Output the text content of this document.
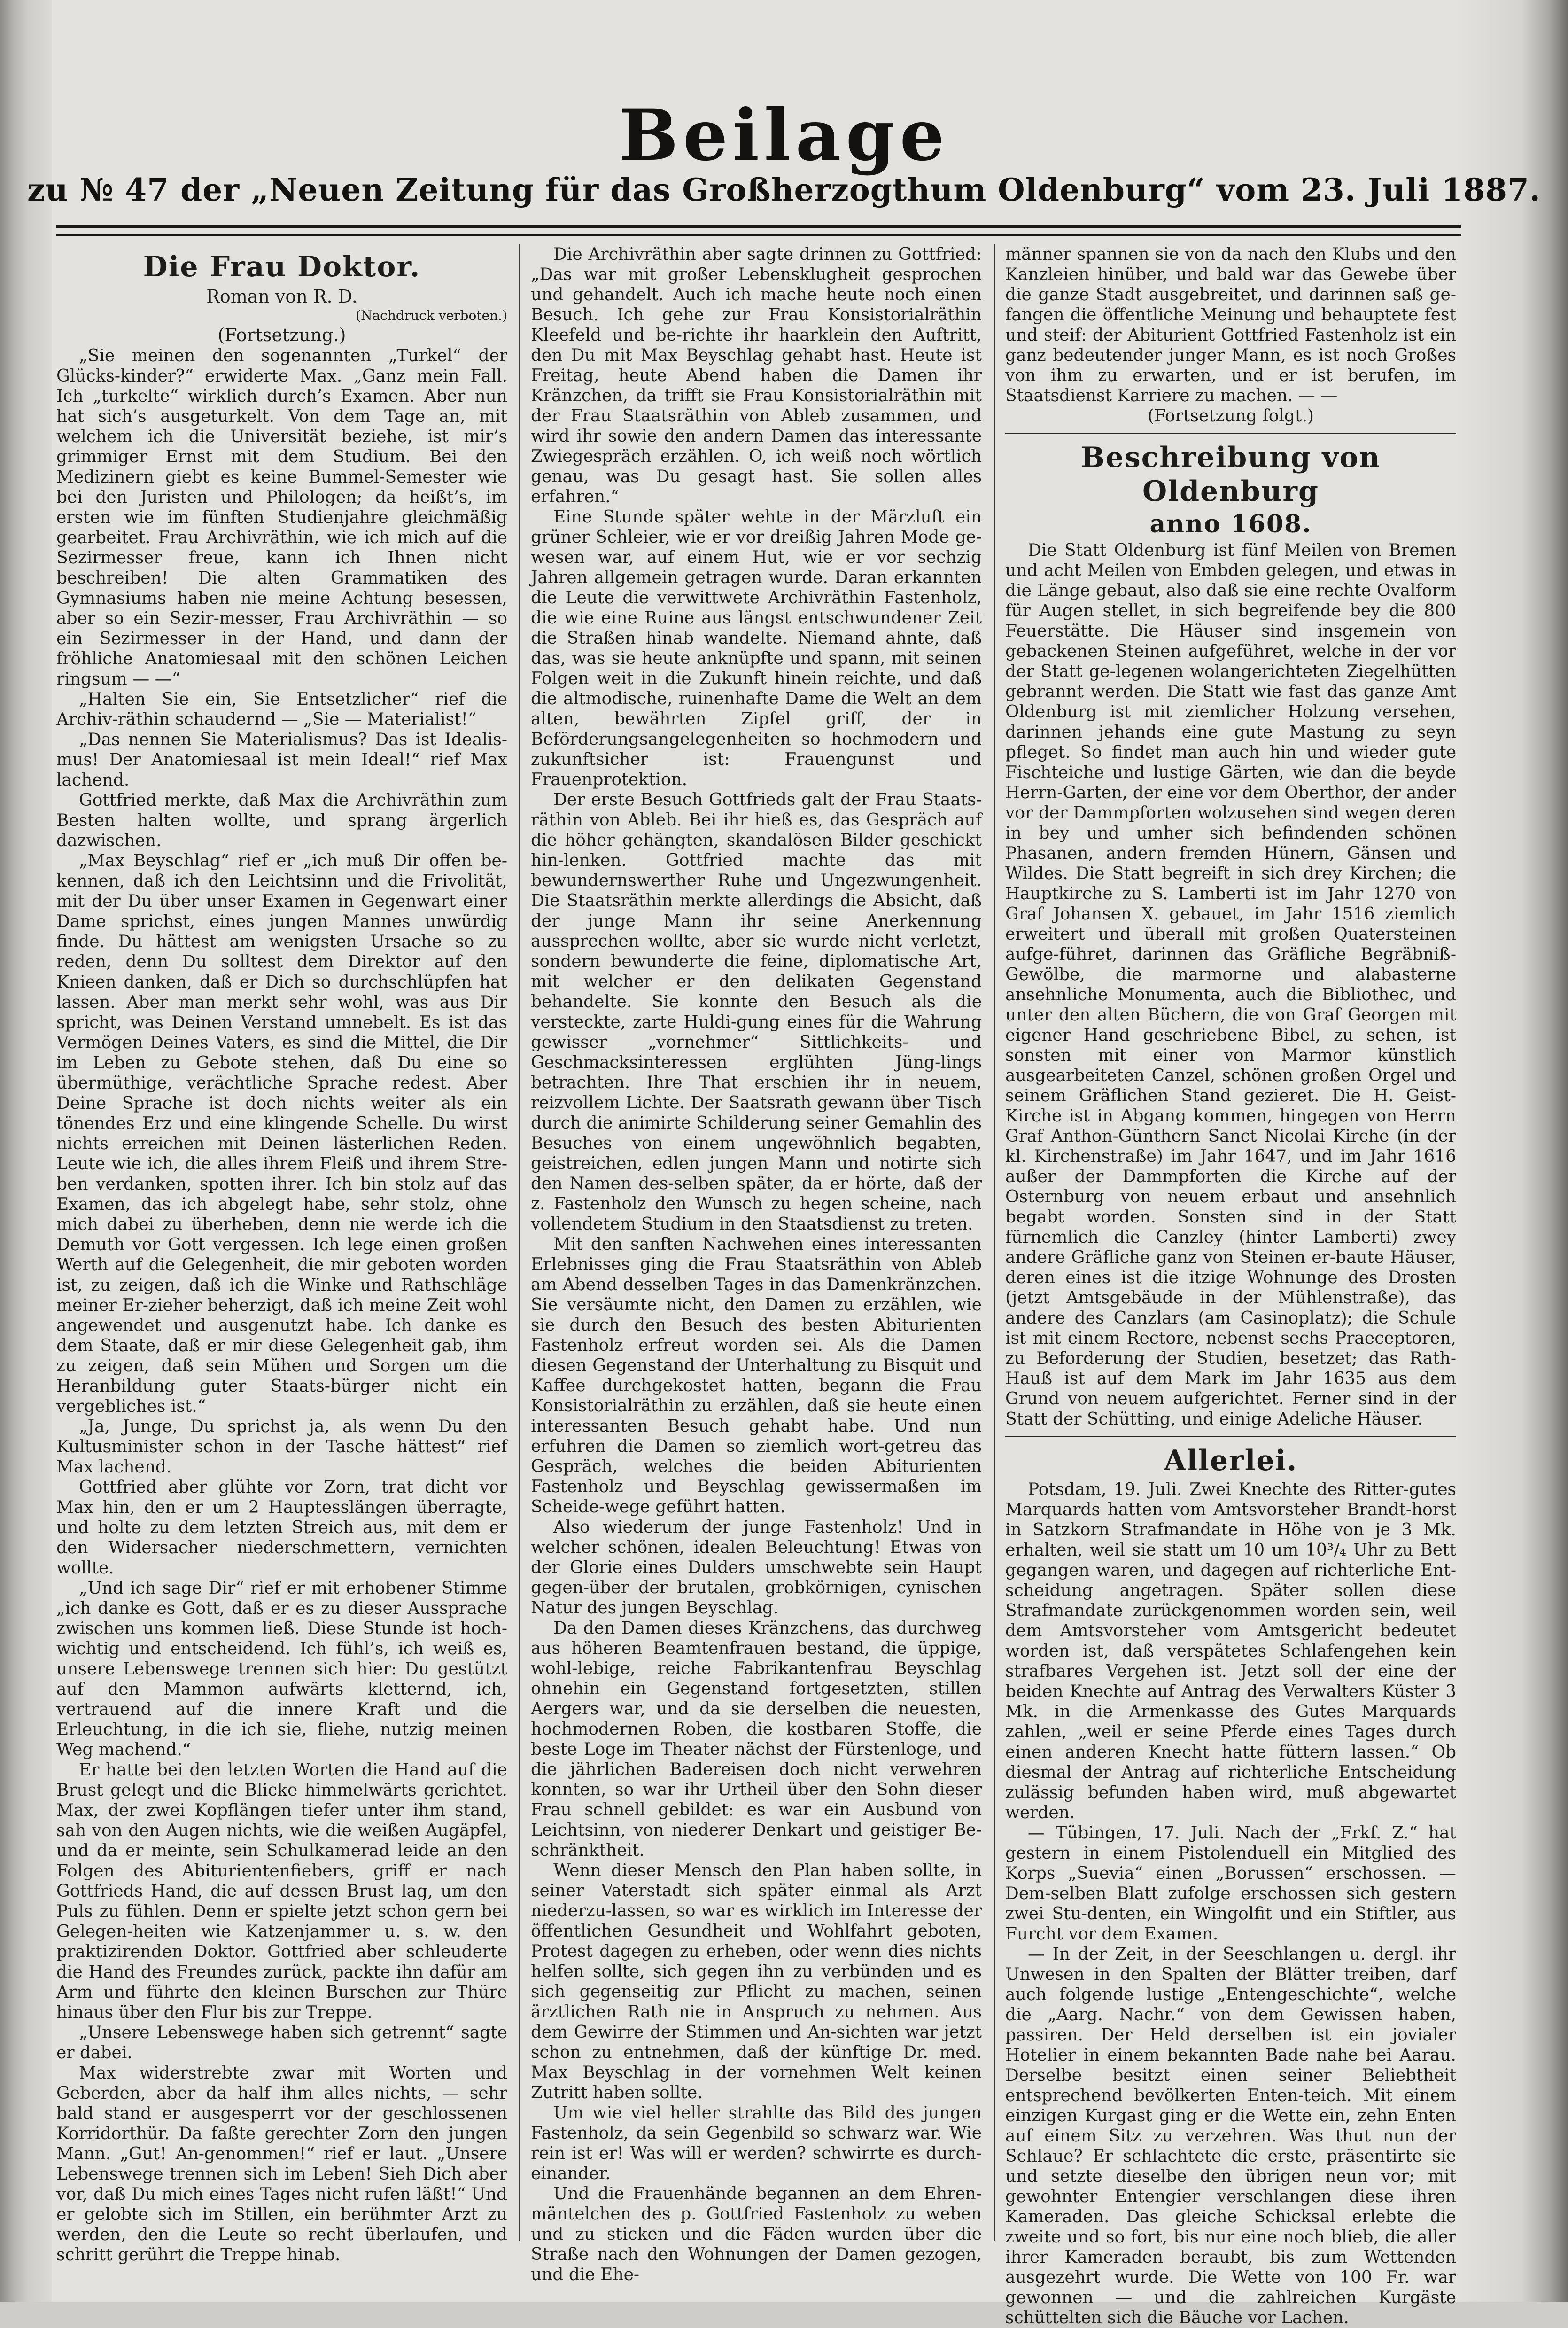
Beilage
zu № 47 der „Neuen Zeitung für das Großherzogthum Oldenburg“ vom 23. Juli 1887.
Die Frau Doktor.
Roman von R. D.
(Nachdruck verboten.)
(Fortsetzung.)

„Sie meinen den sogenannten „Turkel“ der Glücks-kinder?“ erwiderte Max. „Ganz mein Fall. Ich „turkelte“ wirklich durch’s Examen. Aber nun hat sich’s ausgeturkelt. Von dem Tage an, mit welchem ich die Universität beziehe, ist mir’s grimmiger Ernst mit dem Studium. Bei den Medizinern giebt es keine Bummel-Semester wie bei den Juristen und Philologen; da heißt’s, im ersten wie im fünften Studienjahre gleichmäßig gearbeitet. Frau Archivräthin, wie ich mich auf die Sezirmesser freue, kann ich Ihnen nicht beschreiben! Die alten Grammatiken des Gymnasiums haben nie meine Achtung besessen, aber so ein Sezir-messer, Frau Archivräthin — so ein Sezirmesser in der Hand, und dann der fröhliche Anatomiesaal mit den schönen Leichen ringsum — —“

„Halten Sie ein, Sie Entsetzlicher“ rief die Archiv-räthin schaudernd — „Sie — Materialist!“

„Das nennen Sie Materialismus? Das ist Idealis-mus! Der Anatomiesaal ist mein Ideal!“ rief Max lachend.

Gottfried merkte, daß Max die Archivräthin zum Besten halten wollte, und sprang ärgerlich dazwischen.

„Max Beyschlag“ rief er „ich muß Dir offen be-kennen, daß ich den Leichtsinn und die Frivolität, mit der Du über unser Examen in Gegenwart einer Dame sprichst, eines jungen Mannes unwürdig finde. Du hättest am wenigsten Ursache so zu reden, denn Du solltest dem Direktor auf den Knieen danken, daß er Dich so durchschlüpfen hat lassen. Aber man merkt sehr wohl, was aus Dir spricht, was Deinen Verstand umnebelt. Es ist das Vermögen Deines Vaters, es sind die Mittel, die Dir im Leben zu Gebote stehen, daß Du eine so übermüthige, verächtliche Sprache redest. Aber Deine Sprache ist doch nichts weiter als ein tönendes Erz und eine klingende Schelle. Du wirst nichts erreichen mit Deinen lästerlichen Reden. Leute wie ich, die alles ihrem Fleiß und ihrem Stre-ben verdanken, spotten ihrer. Ich bin stolz auf das Examen, das ich abgelegt habe, sehr stolz, ohne mich dabei zu überheben, denn nie werde ich die Demuth vor Gott vergessen. Ich lege einen großen Werth auf die Gelegenheit, die mir geboten worden ist, zu zeigen, daß ich die Winke und Rathschläge meiner Er-zieher beherzigt, daß ich meine Zeit wohl angewendet und ausgenutzt habe. Ich danke es dem Staate, daß er mir diese Gelegenheit gab, ihm zu zeigen, daß sein Mühen und Sorgen um die Heranbildung guter Staats-bürger nicht ein vergebliches ist.“

„Ja, Junge, Du sprichst ja, als wenn Du den Kultusminister schon in der Tasche hättest“ rief Max lachend.

Gottfried aber glühte vor Zorn, trat dicht vor Max hin, den er um 2 Hauptesslängen überragte, und holte zu dem letzten Streich aus, mit dem er den Widersacher niederschmettern, vernichten wollte.

„Und ich sage Dir“ rief er mit erhobener Stimme „ich danke es Gott, daß er es zu dieser Aussprache zwischen uns kommen ließ. Diese Stunde ist hoch-wichtig und entscheidend. Ich fühl’s, ich weiß es, unsere Lebenswege trennen sich hier: Du gestützt auf den Mammon aufwärts kletternd, ich, vertrauend auf die innere Kraft und die Erleuchtung, in die ich sie, fliehe, nutzig meinen Weg machend.“

Er hatte bei den letzten Worten die Hand auf die Brust gelegt und die Blicke himmelwärts gerichtet. Max, der zwei Kopflängen tiefer unter ihm stand, sah von den Augen nichts, wie die weißen Augäpfel, und da er meinte, sein Schulkamerad leide an den Folgen des Abiturientenfiebers, griff er nach Gottfrieds Hand, die auf dessen Brust lag, um den Puls zu fühlen. Denn er spielte jetzt schon gern bei Gelegen-heiten wie Katzenjammer u. s. w. den praktizirenden Doktor. Gottfried aber schleuderte die Hand des Freundes zurück, packte ihn dafür am Arm und führte den kleinen Burschen zur Thüre hinaus über den Flur bis zur Treppe.

„Unsere Lebenswege haben sich getrennt“ sagte er dabei.

Max widerstrebte zwar mit Worten und Geberden, aber da half ihm alles nichts, — sehr bald stand er ausgesperrt vor der geschlossenen Korridorthür. Da faßte gerechter Zorn den jungen Mann. „Gut! An-genommen!“ rief er laut. „Unsere Lebenswege trennen sich im Leben! Sieh Dich aber vor, daß Du mich eines Tages nicht rufen läßt!“ Und er gelobte sich im Stillen, ein berühmter Arzt zu werden, den die Leute so recht überlaufen, und schritt gerührt die Treppe hinab.

Die Archivräthin aber sagte drinnen zu Gottfried: „Das war mit großer Lebensklugheit gesprochen und gehandelt. Auch ich mache heute noch einen Besuch. Ich gehe zur Frau Konsistorialräthin Kleefeld und be-richte ihr haarklein den Auftritt, den Du mit Max Beyschlag gehabt hast. Heute ist Freitag, heute Abend haben die Damen ihr Kränzchen, da trifft sie Frau Konsistorialräthin mit der Frau Staatsräthin von Ableb zusammen, und wird ihr sowie den andern Damen das interessante Zwiegespräch erzählen. O, ich weiß noch wörtlich genau, was Du gesagt hast. Sie sollen alles erfahren.“

Eine Stunde später wehte in der Märzluft ein grüner Schleier, wie er vor dreißig Jahren Mode ge-wesen war, auf einem Hut, wie er vor sechzig Jahren allgemein getragen wurde. Daran erkannten die Leute die verwittwete Archivräthin Fastenholz, die wie eine Ruine aus längst entschwundener Zeit die Straßen hinab wandelte. Niemand ahnte, daß das, was sie heute anknüpfte und spann, mit seinen Folgen weit in die Zukunft hinein reichte, und daß die altmodische, ruinenhafte Dame die Welt an dem alten, bewährten Zipfel griff, der in Beförderungsangelegenheiten so hochmodern und zukunftsicher ist: Frauengunst und Frauenprotektion.

Der erste Besuch Gottfrieds galt der Frau Staats-räthin von Ableb. Bei ihr hieß es, das Gespräch auf die höher gehängten, skandalösen Bilder geschickt hin-lenken. Gottfried machte das mit bewundernswerther Ruhe und Ungezwungenheit. Die Staatsräthin merkte allerdings die Absicht, daß der junge Mann ihr seine Anerkennung aussprechen wollte, aber sie wurde nicht verletzt, sondern bewunderte die feine, diplomatische Art, mit welcher er den delikaten Gegenstand behandelte. Sie konnte den Besuch als die versteckte, zarte Huldi-gung eines für die Wahrung gewisser „vornehmer“ Sittlichkeits- und Geschmacksinteressen erglühten Jüng-lings betrachten. Ihre That erschien ihr in neuem, reizvollem Lichte. Der Saatsrath gewann über Tisch durch die animirte Schilderung seiner Gemahlin des Besuches von einem ungewöhnlich begabten, geistreichen, edlen jungen Mann und notirte sich den Namen des-selben später, da er hörte, daß der z. Fastenholz den Wunsch zu hegen scheine, nach vollendetem Studium in den Staatsdienst zu treten.

Mit den sanften Nachwehen eines interessanten Erlebnisses ging die Frau Staatsräthin von Ableb am Abend desselben Tages in das Damenkränzchen. Sie versäumte nicht, den Damen zu erzählen, wie sie durch den Besuch des besten Abiturienten Fastenholz erfreut worden sei. Als die Damen diesen Gegenstand der Unterhaltung zu Bisquit und Kaffee durchgekostet hatten, begann die Frau Konsistorialräthin zu erzählen, daß sie heute einen interessanten Besuch gehabt habe. Und nun erfuhren die Damen so ziemlich wort-getreu das Gespräch, welches die beiden Abiturienten Fastenholz und Beyschlag gewissermaßen im Scheide-wege geführt hatten.

Also wiederum der junge Fastenholz! Und in welcher schönen, idealen Beleuchtung! Etwas von der Glorie eines Dulders umschwebte sein Haupt gegen-über der brutalen, grobkörnigen, cynischen Natur des jungen Beyschlag.

Da den Damen dieses Kränzchens, das durchweg aus höheren Beamtenfrauen bestand, die üppige, wohl-lebige, reiche Fabrikantenfrau Beyschlag ohnehin ein Gegenstand fortgesetzten, stillen Aergers war, und da sie derselben die neuesten, hochmodernen Roben, die kostbaren Stoffe, die beste Loge im Theater nächst der Fürstenloge, und die jährlichen Badereisen doch nicht verwehren konnten, so war ihr Urtheil über den Sohn dieser Frau schnell gebildet: es war ein Ausbund von Leichtsinn, von niederer Denkart und geistiger Be-schränktheit.

Wenn dieser Mensch den Plan haben sollte, in seiner Vaterstadt sich später einmal als Arzt niederzu-lassen, so war es wirklich im Interesse der öffentlichen Gesundheit und Wohlfahrt geboten, Protest dagegen zu erheben, oder wenn dies nichts helfen sollte, sich gegen ihn zu verbünden und es sich gegenseitig zur Pflicht zu machen, seinen ärztlichen Rath nie in Anspruch zu nehmen. Aus dem Gewirre der Stimmen und An-sichten war jetzt schon zu entnehmen, daß der künftige Dr. med. Max Beyschlag in der vornehmen Welt keinen Zutritt haben sollte.

Um wie viel heller strahlte das Bild des jungen Fastenholz, da sein Gegenbild so schwarz war. Wie rein ist er! Was will er werden? schwirrte es durch-einander.

Und die Frauenhände begannen an dem Ehren-mäntelchen des p. Gottfried Fastenholz zu weben und zu sticken und die Fäden wurden über die Straße nach den Wohnungen der Damen gezogen, und die Ehe-

männer spannen sie von da nach den Klubs und den Kanzleien hinüber, und bald war das Gewebe über die ganze Stadt ausgebreitet, und darinnen saß ge-fangen die öffentliche Meinung und behauptete fest und steif: der Abiturient Gottfried Fastenholz ist ein ganz bedeutender junger Mann, es ist noch Großes von ihm zu erwarten, und er ist berufen, im Staatsdienst Karriere zu machen. — —

(Fortsetzung folgt.)
Beschreibung von Oldenburg
anno 1608.

Die Statt Oldenburg ist fünf Meilen von Bremen und acht Meilen von Embden gelegen, und etwas in die Länge gebaut, also daß sie eine rechte Ovalform für Augen stellet, in sich begreifende bey die 800 Feuerstätte. Die Häuser sind insgemein von gebackenen Steinen aufgeführet, welche in der vor der Statt ge-legenen wolangerichteten Ziegelhütten gebrannt werden. Die Statt wie fast das ganze Amt Oldenburg ist mit ziemlicher Holzung versehen, darinnen jehands eine gute Mastung zu seyn pfleget. So findet man auch hin und wieder gute Fischteiche und lustige Gärten, wie dan die beyde Herrn-Garten, der eine vor dem Oberthor, der ander vor der Dammpforten wolzusehen sind wegen deren in bey und umher sich befindenden schönen Phasanen, andern fremden Hünern, Gänsen und Wildes. Die Statt begreift in sich drey Kirchen; die Hauptkirche zu S. Lamberti ist im Jahr 1270 von Graf Johansen X. gebauet, im Jahr 1516 ziemlich erweitert und überall mit großen Quatersteinen aufge-führet, darinnen das Gräfliche Begräbniß-Gewölbe, die marmorne und alabasterne ansehnliche Monumenta, auch die Bibliothec, und unter den alten Büchern, die von Graf Georgen mit eigener Hand geschriebene Bibel, zu sehen, ist sonsten mit einer von Marmor künstlich ausgearbeiteten Canzel, schönen großen Orgel und seinem Gräflichen Stand gezieret. Die H. Geist-Kirche ist in Abgang kommen, hingegen von Herrn Graf Anthon-Günthern Sanct Nicolai Kirche (in der kl. Kirchenstraße) im Jahr 1647, und im Jahr 1616 außer der Dammpforten die Kirche auf der Osternburg von neuem erbaut und ansehnlich begabt worden. Sonsten sind in der Statt fürnemlich die Canzley (hinter Lamberti) zwey andere Gräfliche ganz von Steinen er-baute Häuser, deren eines ist die itzige Wohnunge des Drosten (jetzt Amtsgebäude in der Mühlenstraße), das andere des Canzlars (am Casinoplatz); die Schule ist mit einem Rectore, nebenst sechs Praeceptoren, zu Beforderung der Studien, besetzet; das Rath-Hauß ist auf dem Mark im Jahr 1635 aus dem Grund von neuem aufgerichtet. Ferner sind in der Statt der Schütting, und einige Adeliche Häuser.

Allerlei.

Potsdam, 19. Juli. Zwei Knechte des Ritter-gutes Marquards hatten vom Amtsvorsteher Brandt-horst in Satzkorn Strafmandate in Höhe von je 3 Mk. erhalten, weil sie statt um 10 um 10³/₄ Uhr zu Bett gegangen waren, und dagegen auf richterliche Ent-scheidung angetragen. Später sollen diese Strafmandate zurückgenommen worden sein, weil dem Amtsvorsteher vom Amtsgericht bedeutet worden ist, daß verspätetes Schlafengehen kein strafbares Vergehen ist. Jetzt soll der eine der beiden Knechte auf Antrag des Verwalters Küster 3 Mk. in die Armenkasse des Gutes Marquards zahlen, „weil er seine Pferde eines Tages durch einen anderen Knecht hatte füttern lassen.“ Ob diesmal der Antrag auf richterliche Entscheidung zulässig befunden haben wird, muß abgewartet werden.

— Tübingen, 17. Juli. Nach der „Frkf. Z.“ hat gestern in einem Pistolenduell ein Mitglied des Korps „Suevia“ einen „Borussen“ erschossen. — Dem-selben Blatt zufolge erschossen sich gestern zwei Stu-denten, ein Wingolfit und ein Stiftler, aus Furcht vor dem Examen.

— In der Zeit, in der Seeschlangen u. dergl. ihr Unwesen in den Spalten der Blätter treiben, darf auch folgende lustige „Entengeschichte“, welche die „Aarg. Nachr.“ von dem Gewissen haben, passiren. Der Held derselben ist ein jovialer Hotelier in einem bekannten Bade nahe bei Aarau. Derselbe besitzt einen seiner Beliebtheit entsprechend bevölkerten Enten-teich. Mit einem einzigen Kurgast ging er die Wette ein, zehn Enten auf einem Sitz zu verzehren. Was thut nun der Schlaue? Er schlachtete die erste, präsentirte sie und setzte dieselbe den übrigen neun vor; mit gewohnter Entengier verschlangen diese ihren Kameraden. Das gleiche Schicksal erlebte die zweite und so fort, bis nur eine noch blieb, die aller ihrer Kameraden beraubt, bis zum Wettenden ausgezehrt wurde. Die Wette von 100 Fr. war gewonnen — und die zahlreichen Kurgäste schüttelten sich die Bäuche vor Lachen.
